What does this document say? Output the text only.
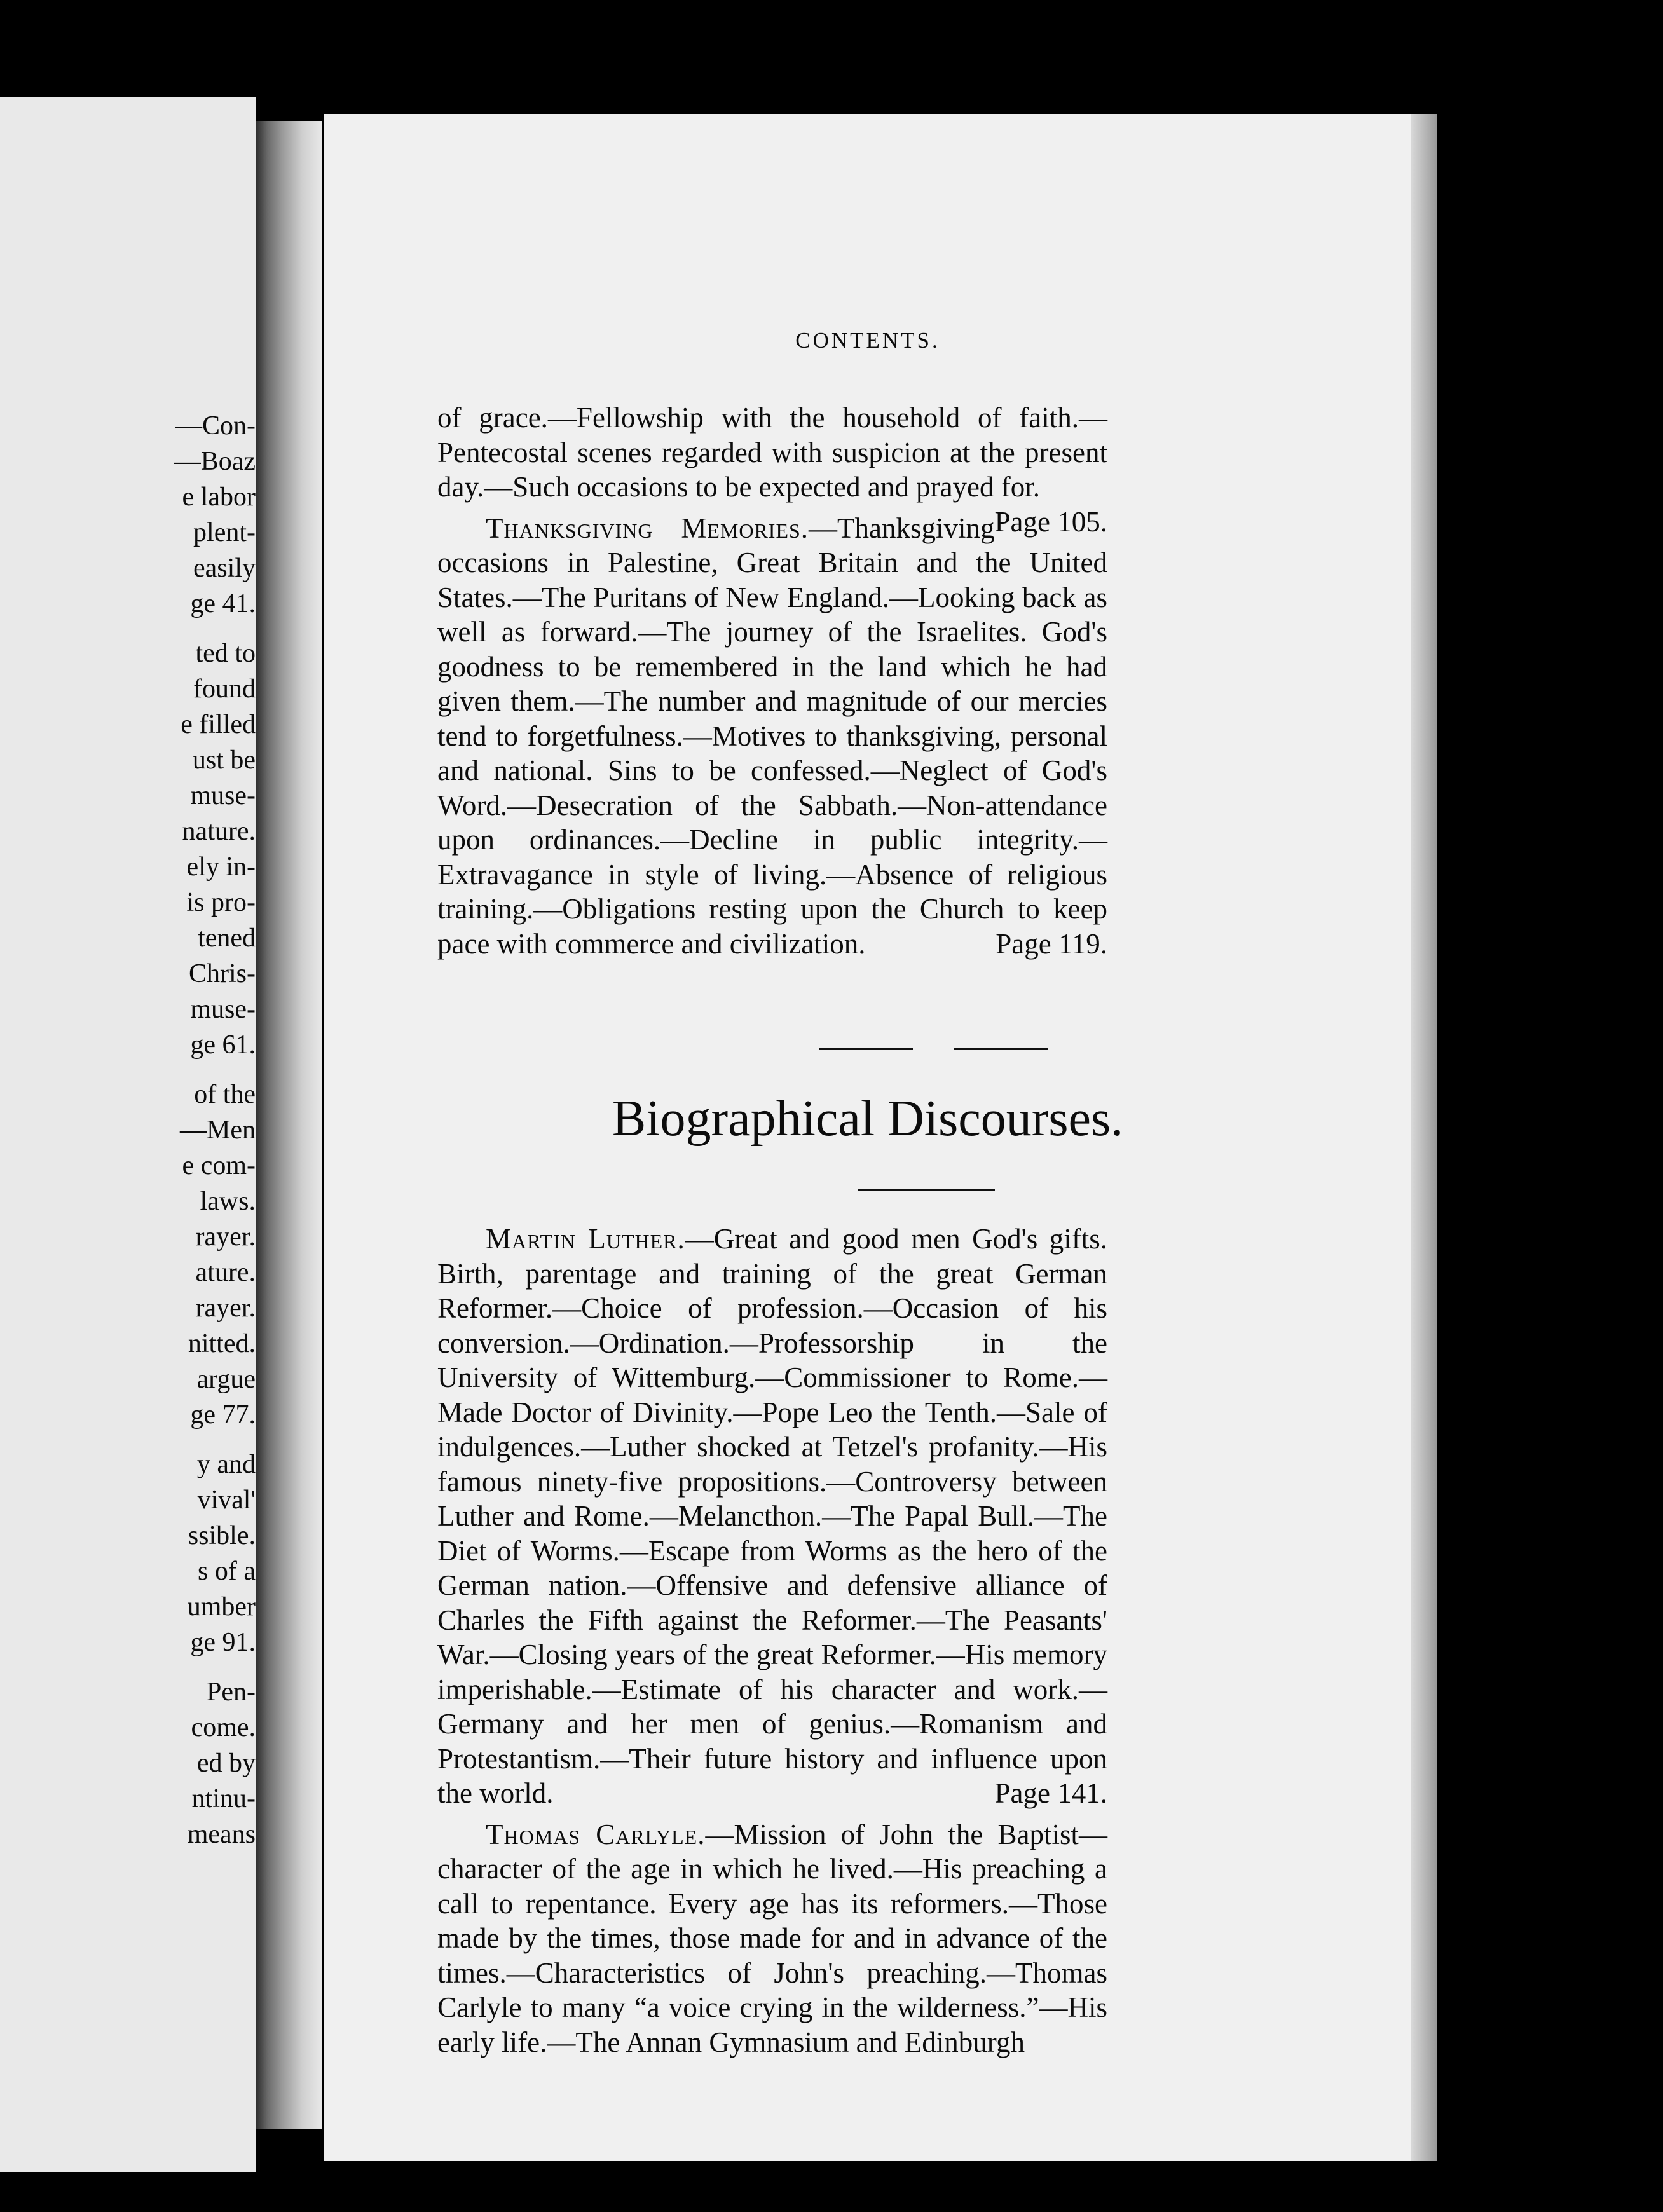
—Con-
—Boaz
e labor
plent-
easily
ge 41.
ted to
found
e filled
ust be
muse-
nature.
ely in-
is pro-
tened
Chris-
muse-
ge 61.
of the
—Men
e com-
laws.
rayer.
ature.
rayer.
nitted.
argue
ge 77.
y and
vival'
ssible.
s of a
umber
ge 91.
Pen-
come.
ed by
ntinu-
means
CONTENTS.

of grace.—Fellowship with the household of faith.—Pentecostal scenes regarded with suspicion at the present day.—Such occasions to be expected and prayed for.
Page 105.

Thanksgiving Memories.—Thanksgiving occasions in Palestine, Great Britain and the United States.—The Puritans of New England.—Looking back as well as forward.—The journey of the Israelites. God's goodness to be remembered in the land which he had given them.—The number and magnitude of our mercies tend to forgetfulness.—Motives to thanksgiving, personal and national. Sins to be confessed.—Neglect of God's Word.—Desecration of the Sabbath.—Non-attendance upon ordinances.—Decline in public integrity.—Extravagance in style of living.—Absence of religious training.—Obligations resting upon the Church to keep pace with commerce and civilization.	Page 119.

Biographical Discourses.

Martin Luther.—Great and good men God's gifts. Birth, parentage and training of the great German Reformer.—Choice of profession.—Occasion of his conversion.—Ordination.—Professorship in the University of Wittemburg.—Commissioner to Rome.—Made Doctor of Divinity.—Pope Leo the Tenth.—Sale of indulgences.—Luther shocked at Tetzel's profanity.—His famous ninety-five propositions.—Controversy between Luther and Rome.—Melancthon.—The Papal Bull.—The Diet of Worms.—Escape from Worms as the hero of the German nation.—Offensive and defensive alliance of Charles the Fifth against the Reformer.—The Peasants' War.—Closing years of the great Reformer.—His memory imperishable.—Estimate of his character and work.—Germany and her men of genius.—Romanism and Protestantism.—Their future history and influence upon the world.	Page 141.

Thomas Carlyle.—Mission of John the Baptist—character of the age in which he lived.—His preaching a call to repentance. Every age has its reformers.—Those made by the times, those made for and in advance of the times.—Characteristics of John's preaching.—Thomas Carlyle to many “a voice crying in the wilderness.”—His early life.—The Annan Gymnasium and Edinburgh
